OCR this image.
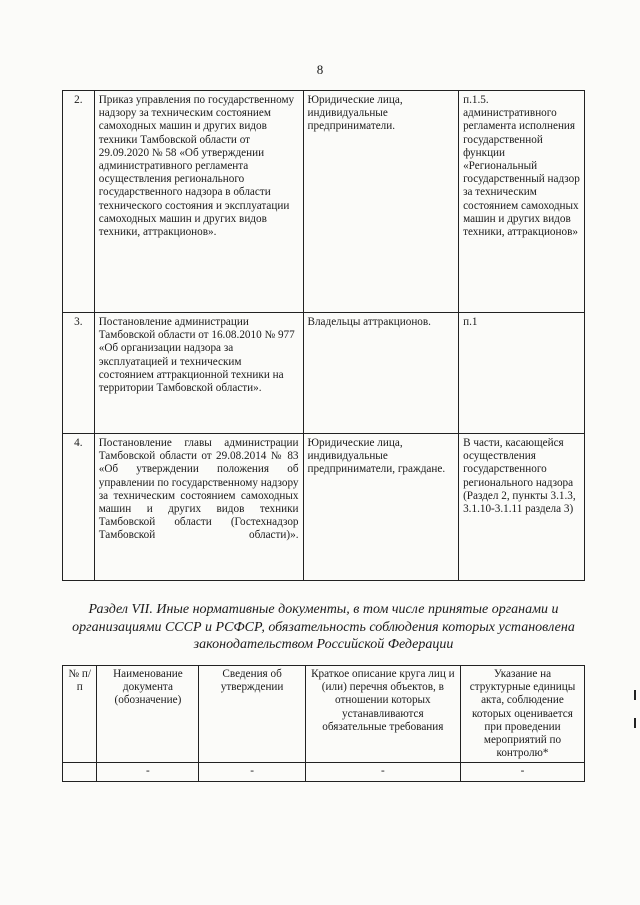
8
2.	Приказ управления по государственному надзору за техническим состоянием самоходных машин и других видов техники Тамбовской области от 29.09.2020 № 58 «Об утверждении административного регламента осуществления регионального государственного надзора в области технического состояния и эксплуатации самоходных машин и других видов техники, аттракционов».	Юридические лица, индивидуальные предприниматели.	п.1.5. административного регламента исполнения государственной функции «Региональный государственный надзор за техническим состоянием самоходных машин и других видов техники, аттракционов»
3.	Постановление администрации Тамбовской области от 16.08.2010 № 977 «Об организации надзора за эксплуатацией и техническим состоянием аттракционной техники на территории Тамбовской области».	Владельцы аттракционов.	п.1
4.	Постановление главы администрации Тамбовской области от 29.08.2014 № 83 «Об утверждении положения об управлении по государственному надзору за техническим состоянием самоходных машин и других видов техники Тамбовской области (Гостехнадзор Тамбовской области)».	Юридические лица, индивидуальные предприниматели, граждане.	В части, касающейся осуществления государственного регионального надзора (Раздел 2, пункты 3.1.3, 3.1.10-3.1.11 раздела 3)
Раздел VII. Иные нормативные документы, в том числе принятые органами и организациями СССР и РСФСР, обязательность соблюдения которых установлена законодательством Российской Федерации
№ п/п	Наименование документа (обозначение)	Сведения об утверждении	Краткое описание круга лиц и (или) перечня объектов, в отношении которых устанавливаются обязательные требования	Указание на структурные единицы акта, соблюдение которых оценивается при проведении мероприятий по контролю*
	-	-	-	-
